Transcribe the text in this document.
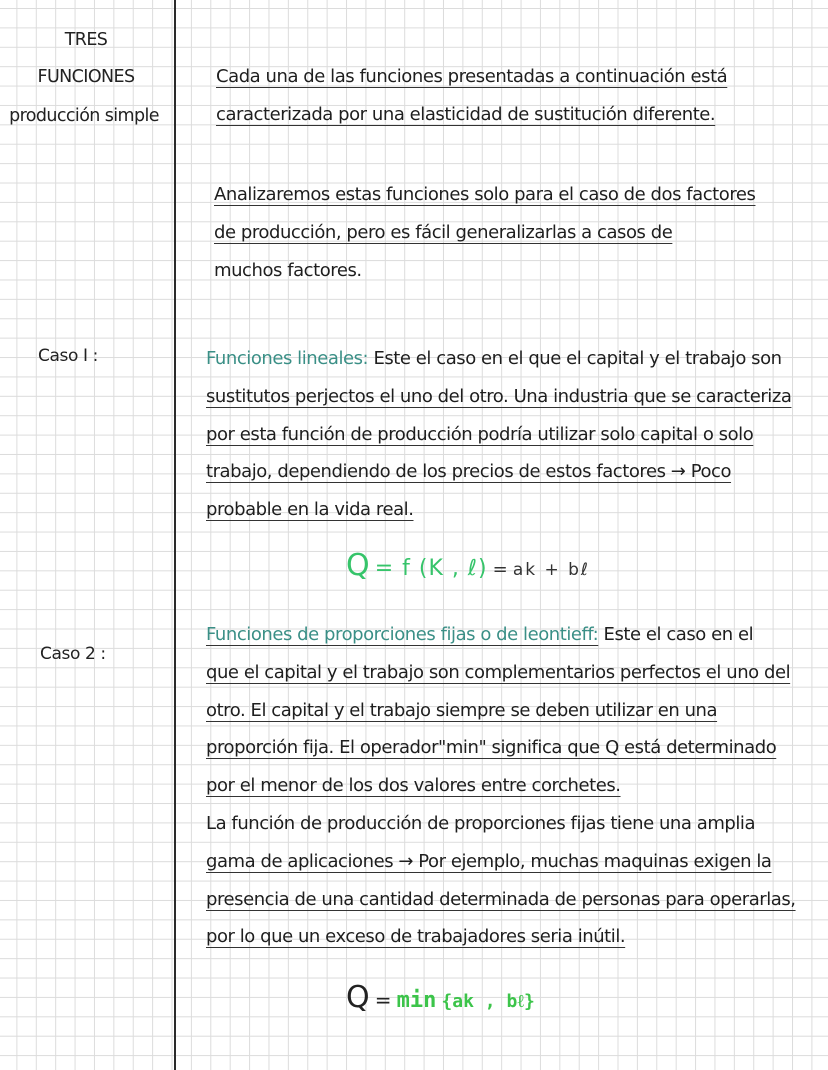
TRES
FUNCIONES
producción simple
Caso I :
Caso 2 :

Cada una de las funciones presentadas a continuación está

caracterizada por una elasticidad de sustitución diferente.

Analizaremos estas funciones solo para el caso de dos factores

de producción, pero es fácil generalizarlas a casos de

muchos factores.

Funciones lineales: Este el caso en el que el capital y el trabajo son

sustitutos perjectos el uno del otro. Una industria que se caracteriza

por esta función de producción podría utilizar solo capital o solo

trabajo, dependiendo de los precios de estos factores → Poco

probable en la vida real.

Q = f (K , ℓ) = ak + bℓ

Funciones de proporciones fijas o de leontieff: Este el caso en el

que el capital y el trabajo son complementarios perfectos el uno del

otro. El capital y el trabajo siempre se deben utilizar en una

proporción fija. El operador"min" significa que Q está determinado

por el menor de los dos valores entre corchetes.

La función de producción de proporciones fijas tiene una amplia

gama de aplicaciones → Por ejemplo, muchas maquinas exigen la

presencia de una cantidad determinada de personas para operarlas,

por lo que un exceso de trabajadores seria inútil.

Q = min {ak , bℓ}
